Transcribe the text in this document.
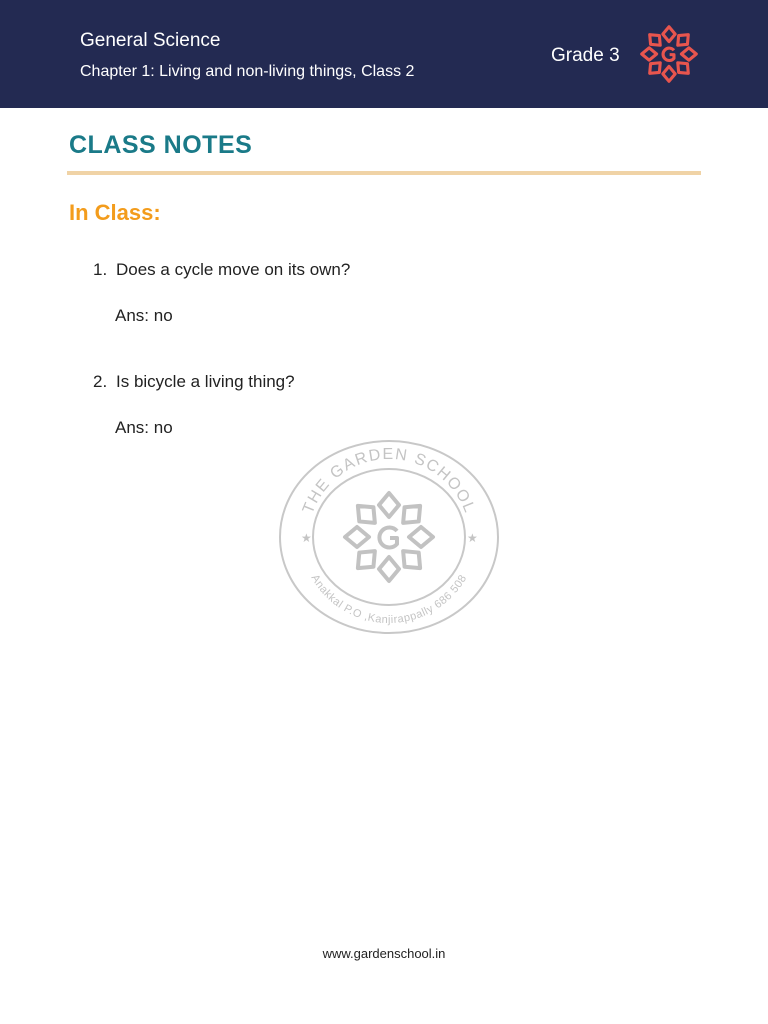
General Science
Chapter 1: Living and non-living things, Class 2
Grade 3
CLASS NOTES
In Class:
1. Does a cycle move on its own?
Ans: no
2. Is bicycle a living thing?
Ans: no
THE GARDEN SCHOOL
Anakkal P.O ,Kanjirappally 686 508
★	★
www.gardenschool.in
